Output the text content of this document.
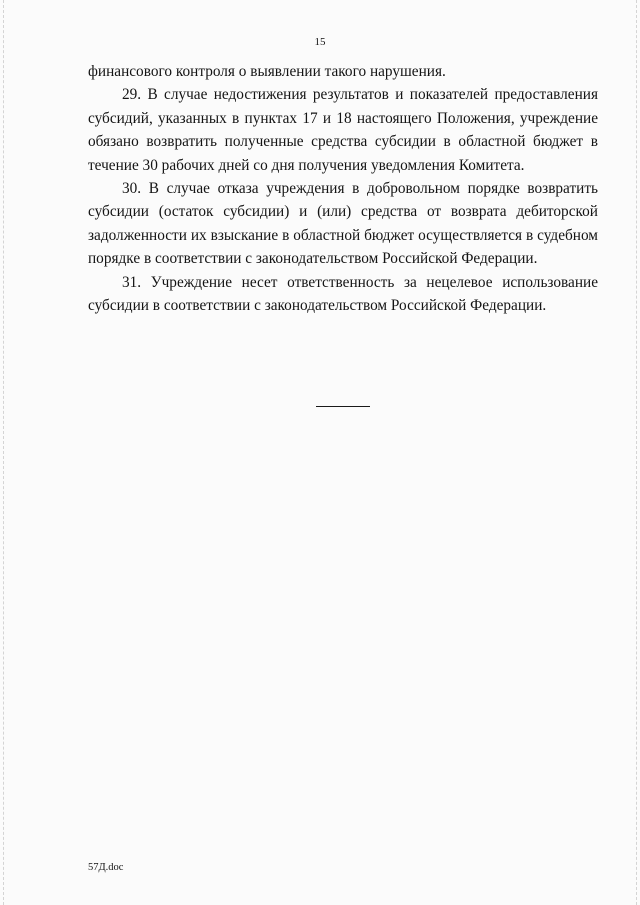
15

финансового контроля о выявлении такого нарушения.

29. В случае недостижения результатов и показателей предоставления субсидий, указанных в пунктах 17 и 18 настоящего Положения, учреждение обязано возвратить полученные средства субсидии в областной бюджет в течение 30 рабочих дней со дня получения уведомления Комитета.

30. В случае отказа учреждения в добровольном порядке возвратить субсидии (остаток субсидии) и (или) средства от возврата дебиторской задолженности их взыскание в областной бюджет осуществляется в судебном порядке в соответствии с законодательством Российской Федерации.

31. Учреждение несет ответственность за нецелевое использование субсидии в соответствии с законодательством Российской Федерации.

57Д.doc
